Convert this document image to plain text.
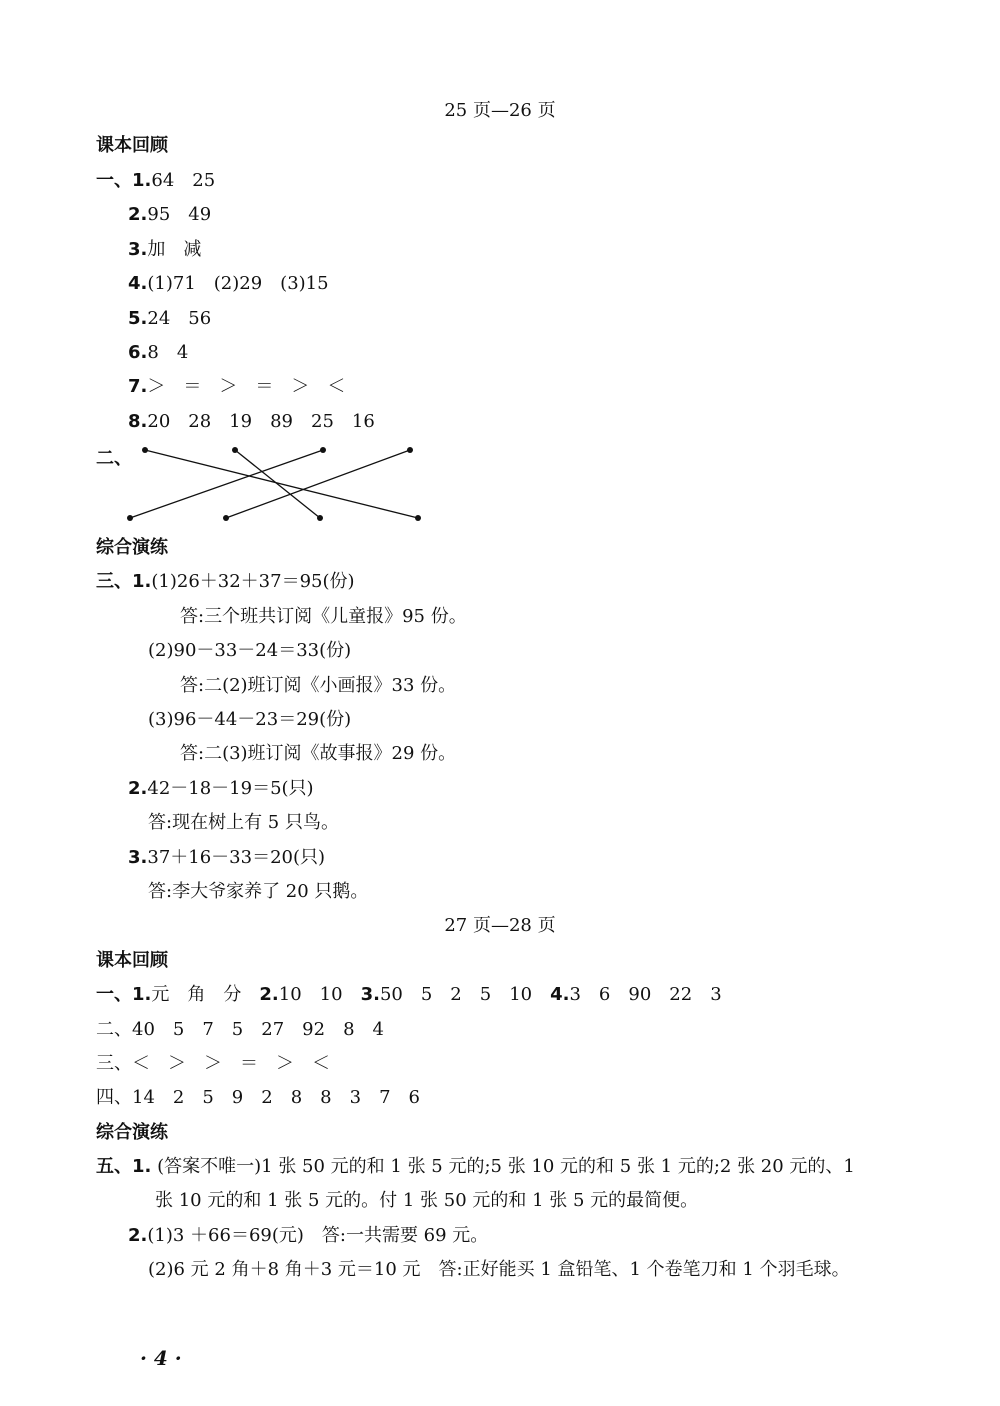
25 页—26 页
课本回顾
一、1.64　25
2.95　49
3.加　减
4.(1)71　(2)29　(3)15
5.24　56
6.8　4
7.＞　＝　＞　＝　＞　＜
8.20　28　19　89　25　16
二、
综合演练
三、1.(1)26＋32＋37＝95(份)
答:三个班共订阅《儿童报》95 份。
(2)90－33－24＝33(份)
答:二(2)班订阅《小画报》33 份。
(3)96－44－23＝29(份)
答:二(3)班订阅《故事报》29 份。
2.42－18－19＝5(只)
答:现在树上有 5 只鸟。
3.37＋16－33＝20(只)
答:李大爷家养了 20 只鹅。
27 页—28 页
课本回顾
一、1.元　角　分　 2.10　10　 3.50　5　2　5　10　 4.3　6　90　22　3
二、40　5　7　5　27　92　8　4
三、＜　＞　＞　＝　＞　＜
四、14　2　5　9　2　8　8　3　7　6
综合演练
五、1. (答案不唯一)1 张 50 元的和 1 张 5 元的;5 张 10 元的和 5 张 1 元的;2 张 20 元的、1
张 10 元的和 1 张 5 元的。付 1 张 50 元的和 1 张 5 元的最简便。
2.(1)3 ＋66＝69(元)　答:一共需要 69 元。
(2)6 元 2 角＋8 角＋3 元＝10 元　答:正好能买 1 盒铅笔、1 个卷笔刀和 1 个羽毛球。
· 4 ·
